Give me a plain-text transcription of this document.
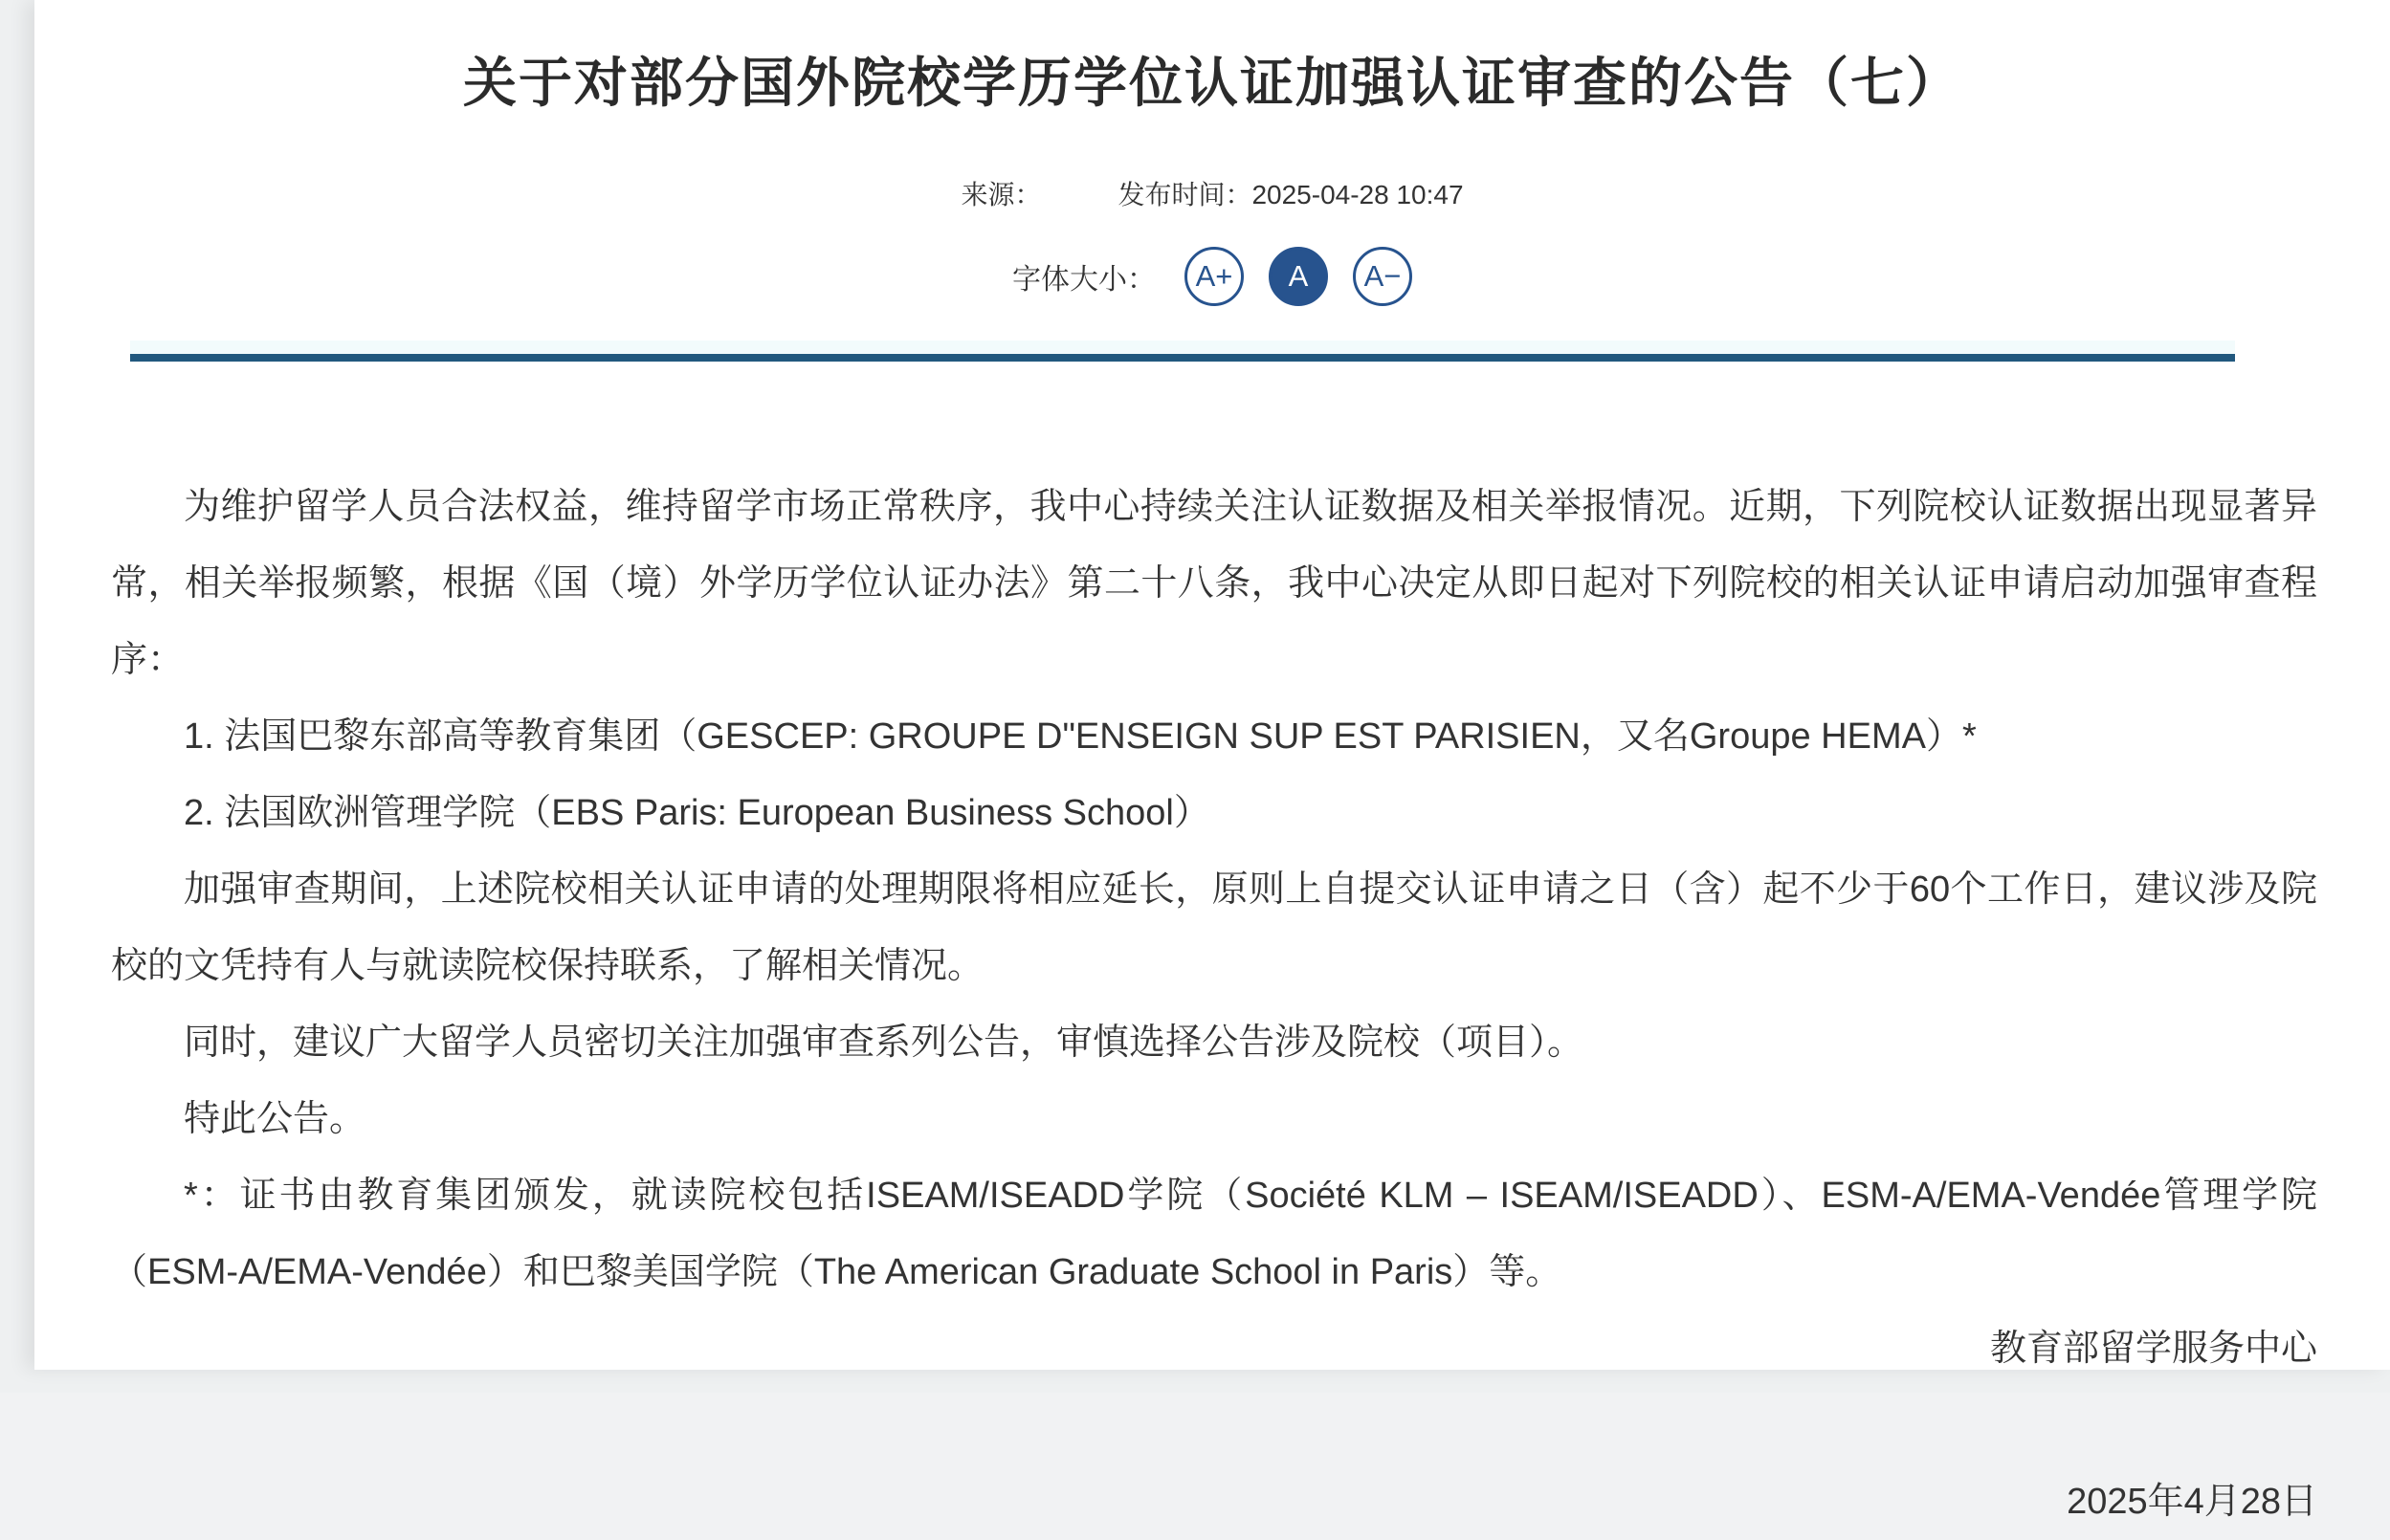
关于对部分国外院校学历学位认证加强认证审查的公告（七）
来源：	发布时间： 2025-04-28 10:47
字体大小：	A+	A	A−

为维护留学人员合法权益，维持留学市场正常秩序，我中心持续关注认证数据及相关举报情况。近期，下列院校认证数据出现显著异常，相关举报频繁，根据《国（境）外学历学位认证办法》第二十八条，我中心决定从即日起对下列院校的相关认证申请启动加强审查程序：

1. 法国巴黎东部高等教育集团（GESCEP: GROUPE D"ENSEIGN SUP EST PARISIEN，又名Groupe HEMA）*

2. 法国欧洲管理学院（EBS Paris: European Business School）

加强审查期间，上述院校相关认证申请的处理期限将相应延长，原则上自提交认证申请之日（含）起不少于60个工作日，建议涉及院校的文凭持有人与就读院校保持联系，了解相关情况。

同时，建议广大留学人员密切关注加强审查系列公告，审慎选择公告涉及院校（项目）。

特此公告。

*：证书由教育集团颁发，就读院校包括ISEAM/ISEADD学院（Société KLM – ISEAM/ISEADD）、ESM-A/EMA-Vendée管理学院 （ESM-A/EMA-Vendée）和巴黎美国学院（The American Graduate School in Paris）等。

教育部留学服务中心

2025年4月28日
